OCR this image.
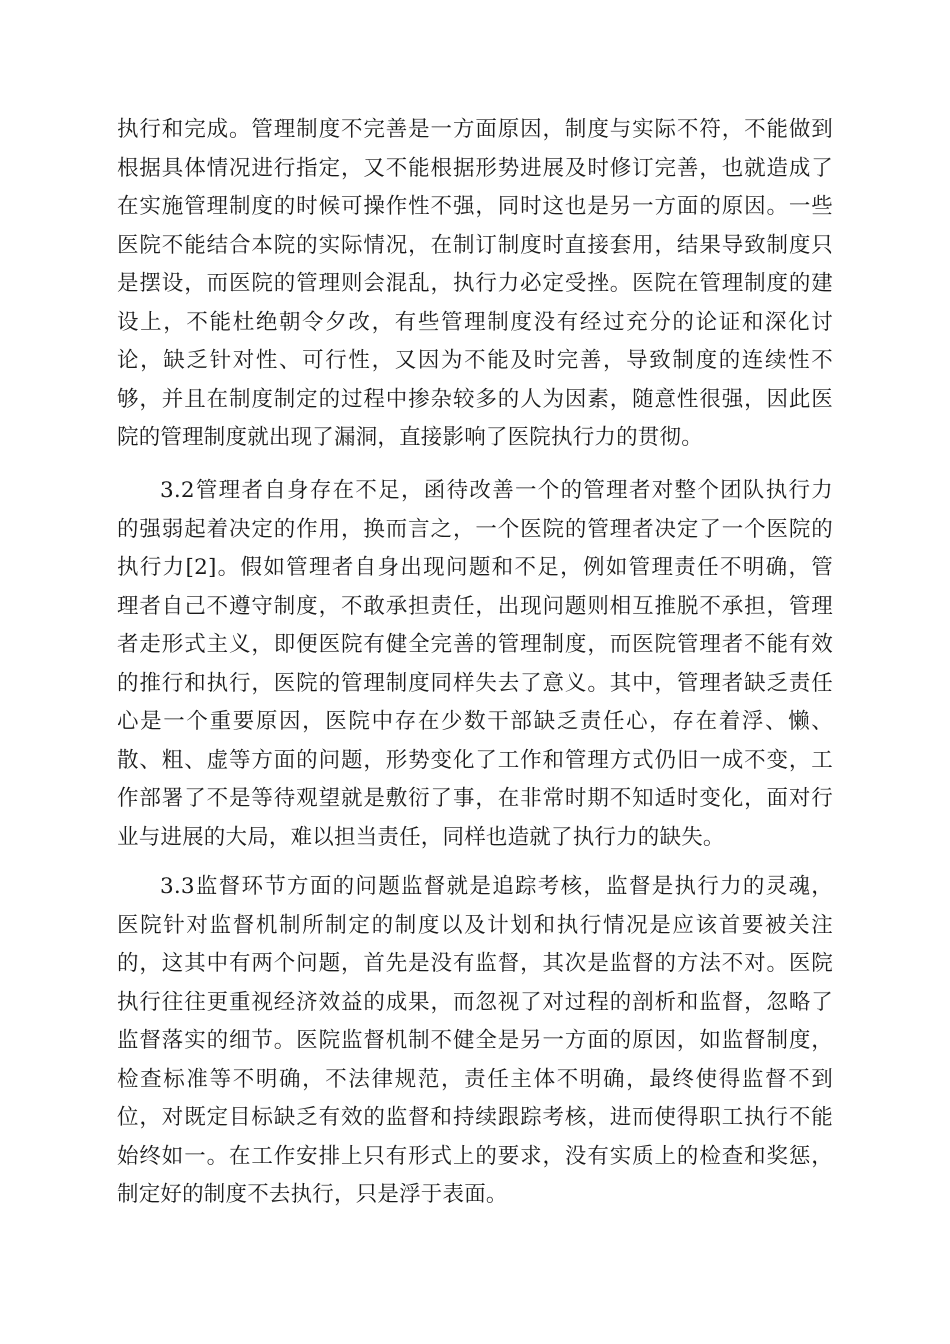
执行和完成。管理制度不完善是一方面原因，制度与实际不符，不能做到
根据具体情况进行指定，又不能根据形势进展及时修订完善，也就造成了
在实施管理制度的时候可操作性不强，同时这也是另一方面的原因。一些
医院不能结合本院的实际情况，在制订制度时直接套用，结果导致制度只
是摆设，而医院的管理则会混乱，执行力必定受挫。医院在管理制度的建
设上，不能杜绝朝令夕改，有些管理制度没有经过充分的论证和深化讨
论，缺乏针对性、可行性，又因为不能及时完善，导致制度的连续性不
够，并且在制度制定的过程中掺杂较多的人为因素，随意性很强，因此医
院的管理制度就出现了漏洞，直接影响了医院执行力的贯彻。
3.2管理者自身存在不足，函待改善一个的管理者对整个团队执行力
的强弱起着决定的作用，换而言之，一个医院的管理者决定了一个医院的
执行力[2]。假如管理者自身出现问题和不足，例如管理责任不明确，管
理者自己不遵守制度，不敢承担责任，出现问题则相互推脱不承担，管理
者走形式主义，即便医院有健全完善的管理制度，而医院管理者不能有效
的推行和执行，医院的管理制度同样失去了意义。其中，管理者缺乏责任
心是一个重要原因，医院中存在少数干部缺乏责任心，存在着浮、懒、
散、粗、虚等方面的问题，形势变化了工作和管理方式仍旧一成不变，工
作部署了不是等待观望就是敷衍了事，在非常时期不知适时变化，面对行
业与进展的大局，难以担当责任，同样也造就了执行力的缺失。
3.3监督环节方面的问题监督就是追踪考核，监督是执行力的灵魂，
医院针对监督机制所制定的制度以及计划和执行情况是应该首要被关注
的，这其中有两个问题，首先是没有监督，其次是监督的方法不对。医院
执行往往更重视经济效益的成果，而忽视了对过程的剖析和监督，忽略了
监督落实的细节。医院监督机制不健全是另一方面的原因，如监督制度，
检查标准等不明确，不法律规范，责任主体不明确，最终使得监督不到
位，对既定目标缺乏有效的监督和持续跟踪考核，进而使得职工执行不能
始终如一。在工作安排上只有形式上的要求，没有实质上的检查和奖惩，
制定好的制度不去执行，只是浮于表面。
